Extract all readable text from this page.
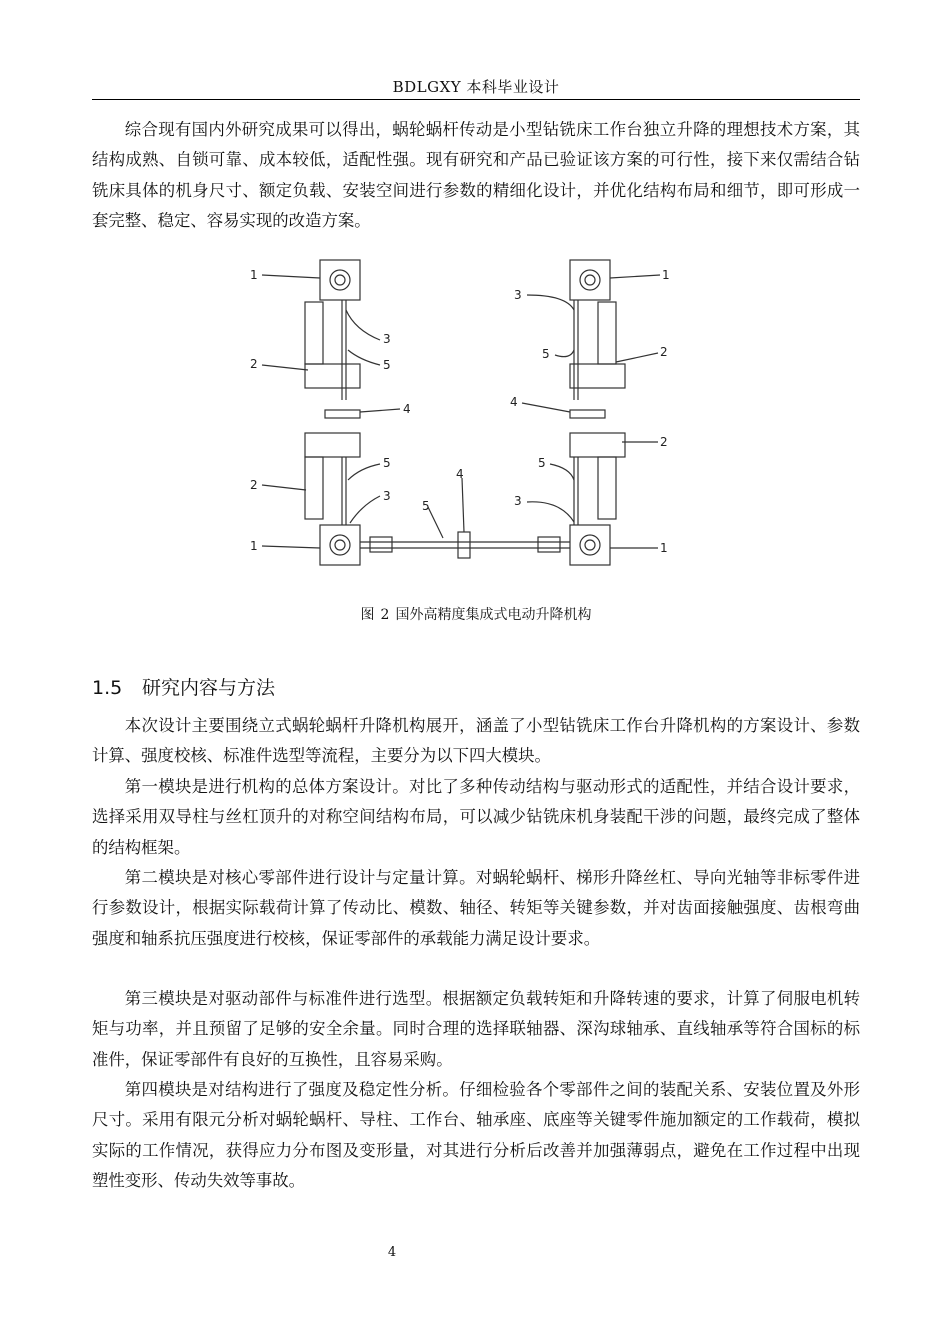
BDLGXY 本科毕业设计

综合现有国内外研究成果可以得出，蜗轮蜗杆传动是小型钻铣床工作台独立升降的理想技术方案，其结构成熟、自锁可靠、成本较低，适配性强。现有研究和产品已验证该方案的可行性，接下来仅需结合钻铣床具体的机身尺寸、额定负载、安装空间进行参数的精细化设计，并优化结构布局和细节，即可形成一套完整、稳定、容易实现的改造方案。

1
2
3
5
4
5
2
3
1
5
4
1
3
5	2
4
2
5
3
1
图 2 国外高精度集成式电动升降机构
1.5 研究内容与方法

本次设计主要围绕立式蜗轮蜗杆升降机构展开，涵盖了小型钻铣床工作台升降机构的方案设计、参数计算、强度校核、标准件选型等流程，主要分为以下四大模块。

第一模块是进行机构的总体方案设计。对比了多种传动结构与驱动形式的适配性，并结合设计要求，选择采用双导柱与丝杠顶升的对称空间结构布局，可以减少钻铣床机身装配干涉的问题，最终完成了整体的结构框架。

第二模块是对核心零部件进行设计与定量计算。对蜗轮蜗杆、梯形升降丝杠、导向光轴等非标零件进行参数设计，根据实际载荷计算了传动比、模数、轴径、转矩等关键参数，并对齿面接触强度、齿根弯曲强度和轴系抗压强度进行校核，保证零部件的承载能力满足设计要求。

第三模块是对驱动部件与标准件进行选型。根据额定负载转矩和升降转速的要求，计算了伺服电机转矩与功率，并且预留了足够的安全余量。同时合理的选择联轴器、深沟球轴承、直线轴承等符合国标的标准件，保证零部件有良好的互换性，且容易采购。

第四模块是对结构进行了强度及稳定性分析。仔细检验各个零部件之间的装配关系、安装位置及外形尺寸。采用有限元分析对蜗轮蜗杆、导柱、工作台、轴承座、底座等关键零件施加额定的工作载荷，模拟实际的工作情况，获得应力分布图及变形量，对其进行分析后改善并加强薄弱点，避免在工作过程中出现塑性变形、传动失效等事故。

4
